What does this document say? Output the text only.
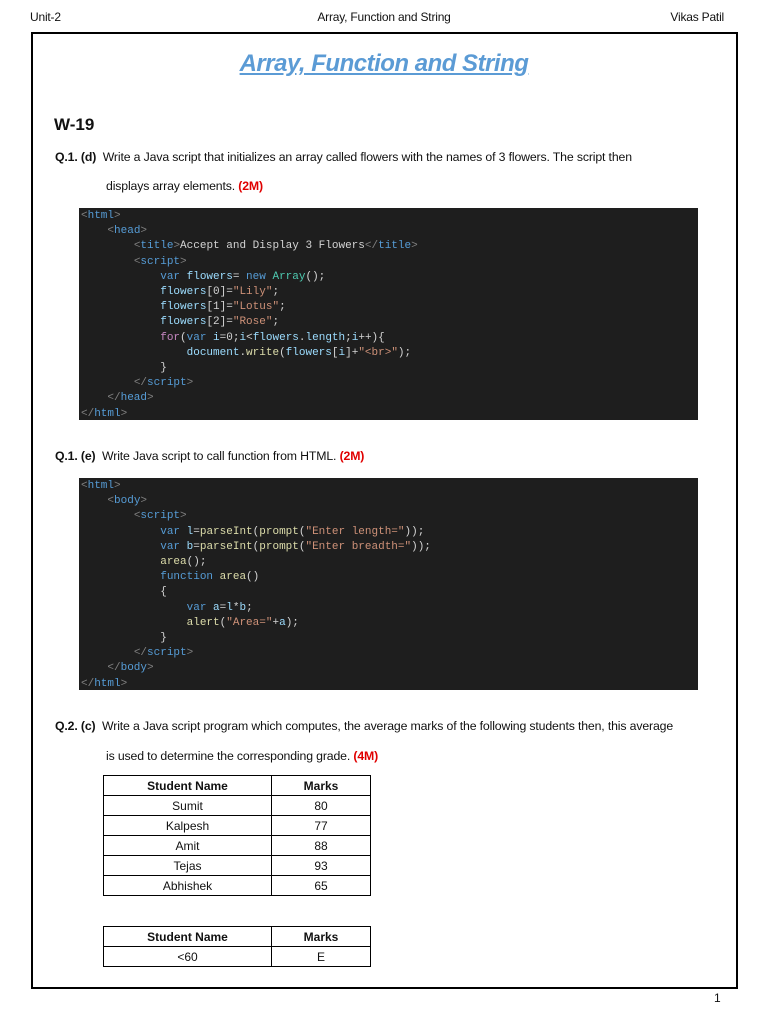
Unit-2	Array, Function and String	Vikas Patil
Array, Function and String
W-19
Q.1. (d) Write a Java script that initializes an array called flowers with the names of 3 flowers. The script then
displays array elements. (2M)
<html>
<head>
<title>Accept and Display 3 Flowers</title>
<script>
var flowers= new Array();
flowers[0]="Lily";
flowers[1]="Lotus";
flowers[2]="Rose";
for(var i=0;i<flowers.length;i++){
document.write(flowers[i]+"<br>");
}
</script>
</head>
</html>
Q.1. (e) Write Java script to call function from HTML. (2M)
<html>
<body>
<script>
var l=parseInt(prompt("Enter length="));
var b=parseInt(prompt("Enter breadth="));
area();
function area()
{
var a=l*b;
alert("Area="+a);
}
</script>
</body>
</html>
Q.2. (c) Write a Java script program which computes, the average marks of the following students then, this average
is used to determine the corresponding grade. (4M)
Student Name	Marks
Sumit	80
Kalpesh	77
Amit	88
Tejas	93
Abhishek	65
Student Name	Marks
<60	E
1
